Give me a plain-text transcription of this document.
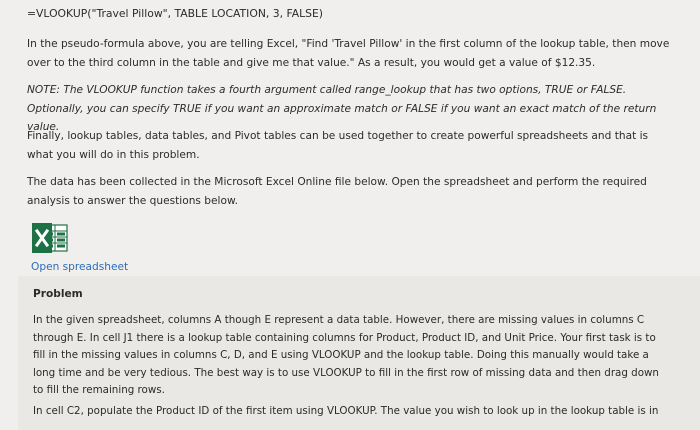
=VLOOKUP("Travel Pillow", TABLE LOCATION, 3, FALSE)

In the pseudo-formula above, you are telling Excel, "Find 'Travel Pillow' in the first column of the lookup table, then move over to the third column in the table and give me that value." As a result, you would get a value of $12.35.

NOTE: The VLOOKUP function takes a fourth argument called range_lookup that has two options, TRUE or FALSE. Optionally, you can specify TRUE if you want an approximate match or FALSE if you want an exact match of the return value.

Finally, lookup tables, data tables, and Pivot tables can be used together to create powerful spreadsheets and that is what you will do in this problem.

The data has been collected in the Microsoft Excel Online file below. Open the spreadsheet and perform the required analysis to answer the questions below.

Open spreadsheet
Problem

In the given spreadsheet, columns A though E represent a data table. However, there are missing values in columns C through E. In cell J1 there is a lookup table containing columns for Product, Product ID, and Unit Price. Your first task is to fill in the missing values in columns C, D, and E using VLOOKUP and the lookup table. Doing this manually would take a long time and be very tedious. The best way is to use VLOOKUP to fill in the first row of missing data and then drag down to fill the remaining rows.

In cell C2, populate the Product ID of the first item using VLOOKUP. The value you wish to look up in the lookup table is in
